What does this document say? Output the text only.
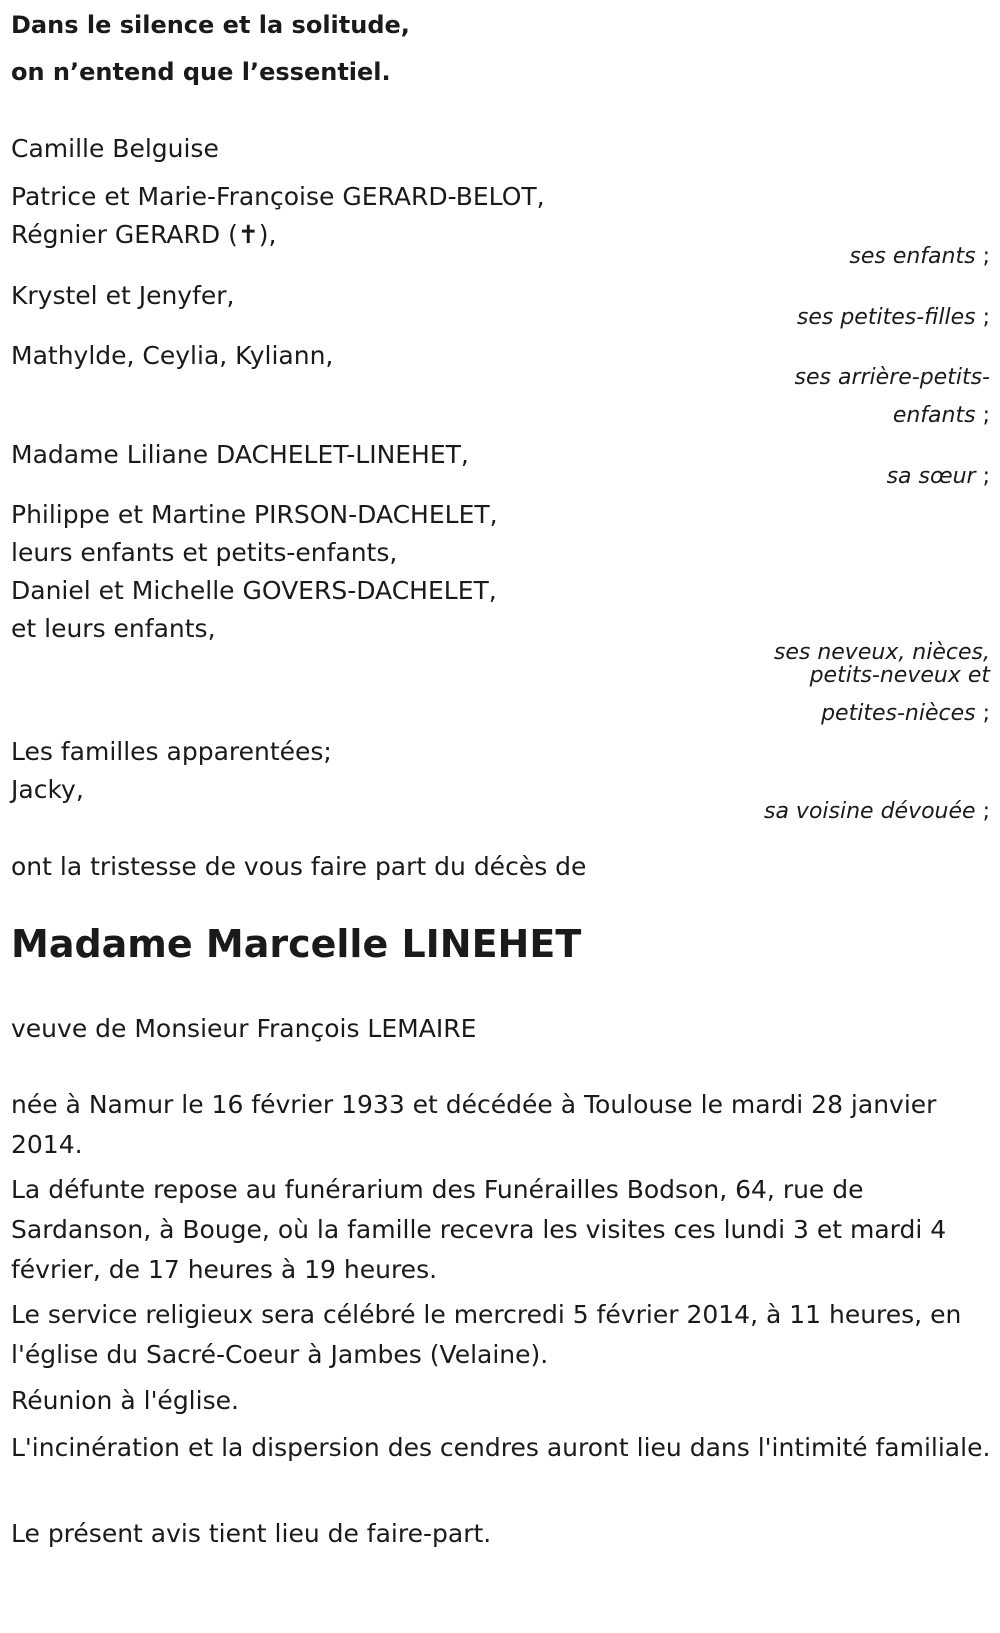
Dans le silence et la solitude,
on n’entend que l’essentiel.
Camille Belguise
Patrice et Marie-Françoise GERARD-BELOT,
Régnier GERARD (✝),
ses enfants ;
Krystel et Jenyfer,
ses petites-filles ;
Mathylde, Ceylia, Kyliann,
ses arrière-petits-
enfants ;
Madame Liliane DACHELET-LINEHET,
sa sœur ;
Philippe et Martine PIRSON-DACHELET,
leurs enfants et petits-enfants,
Daniel et Michelle GOVERS-DACHELET,
et leurs enfants,
ses neveux, nièces,
petits-neveux et
petites-nièces ;
Les familles apparentées;
Jacky,
sa voisine dévouée ;
ont la tristesse de vous faire part du décès de
Madame Marcelle LINEHET
veuve de Monsieur François LEMAIRE
née à Namur le 16 février 1933 et décédée à Toulouse le mardi 28 janvier 2014.
La défunte repose au funérarium des Funérailles Bodson, 64, rue de Sardanson, à Bouge, où la famille recevra les visites ces lundi 3 et mardi 4 février, de 17 heures à 19 heures.
Le service religieux sera célébré le mercredi 5 février 2014, à 11 heures, en l'église du Sacré-Coeur à Jambes (Velaine).
Réunion à l'église.
L'incinération et la dispersion des cendres auront lieu dans l'intimité familiale.
Le présent avis tient lieu de faire-part.
